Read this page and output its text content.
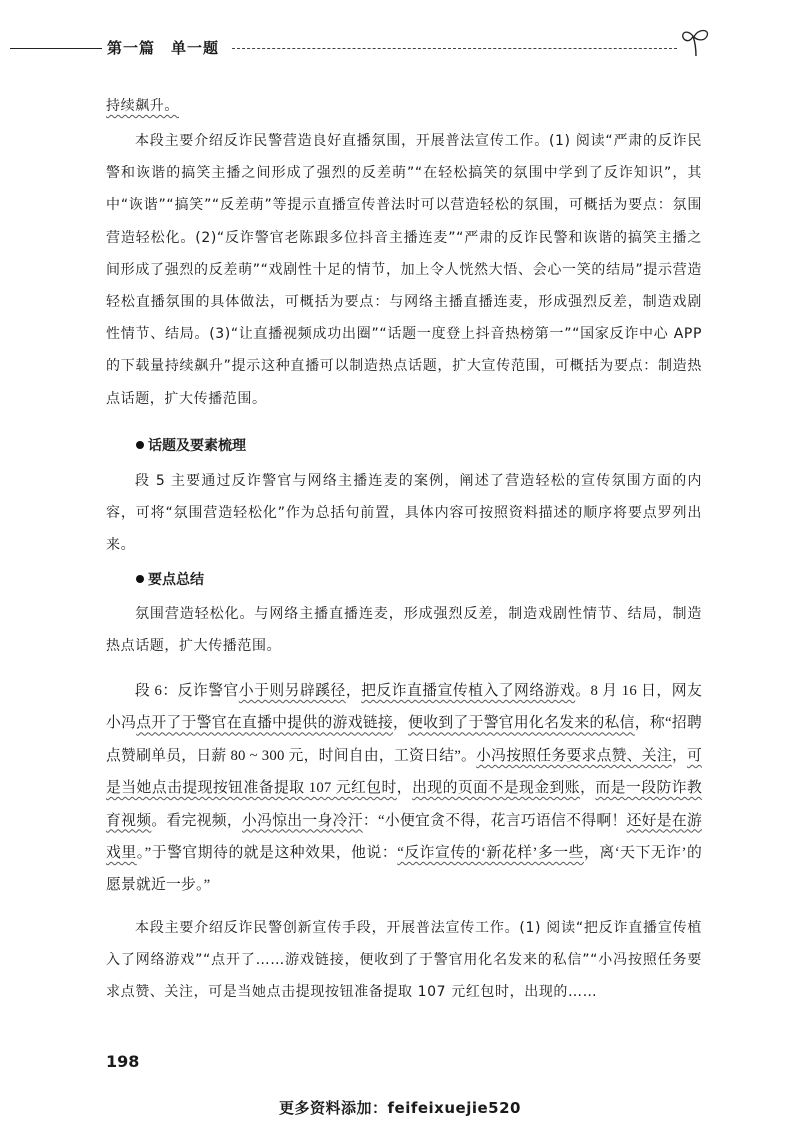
第一篇　单一题

持续飙升。

本段主要介绍反诈民警营造良好直播氛围，开展普法宣传工作。(1) 阅读“严肃的反诈民警和诙谐的搞笑主播之间形成了强烈的反差萌”“在轻松搞笑的氛围中学到了反诈知识”，其中“诙谐”“搞笑”“反差萌”等提示直播宣传普法时可以营造轻松的氛围，可概括为要点：氛围营造轻松化。(2)“反诈警官老陈跟多位抖音主播连麦”“严肃的反诈民警和诙谐的搞笑主播之间形成了强烈的反差萌”“戏剧性十足的情节，加上令人恍然大悟、会心一笑的结局”提示营造轻松直播氛围的具体做法，可概括为要点：与网络主播直播连麦，形成强烈反差，制造戏剧性情节、结局。(3)“让直播视频成功出圈”“话题一度登上抖音热榜第一”“国家反诈中心 APP 的下载量持续飙升”提示这种直播可以制造热点话题，扩大宣传范围，可概括为要点：制造热点话题，扩大传播范围。

话题及要素梳理

段 5 主要通过反诈警官与网络主播连麦的案例，阐述了营造轻松的宣传氛围方面的内容，可将“氛围营造轻松化”作为总括句前置，具体内容可按照资料描述的顺序将要点罗列出来。

要点总结

氛围营造轻松化。与网络主播直播连麦，形成强烈反差，制造戏剧性情节、结局，制造热点话题，扩大传播范围。

段 6：反诈警官小于则另辟蹊径，把反诈直播宣传植入了网络游戏。8 月 16 日，网友小冯点开了于警官在直播中提供的游戏链接，便收到了于警官用化名发来的私信，称“招聘点赞刷单员，日薪 80 ~ 300 元，时间自由，工资日结”。小冯按照任务要求点赞、关注，可是当她点击提现按钮准备提取 107 元红包时，出现的页面不是现金到账，而是一段防诈教育视频。看完视频，小冯惊出一身冷汗：“小便宜贪不得，花言巧语信不得啊！还好是在游戏里。”于警官期待的就是这种效果，他说：“反诈宣传的‘新花样’多一些，离‘天下无诈’的愿景就近一步。”

本段主要介绍反诈民警创新宣传手段，开展普法宣传工作。(1) 阅读“把反诈直播宣传植入了网络游戏”“点开了……游戏链接，便收到了于警官用化名发来的私信”“小冯按照任务要求点赞、关注，可是当她点击提现按钮准备提取 107 元红包时，出现的……

198
更多资料添加：feifeixuejie520
